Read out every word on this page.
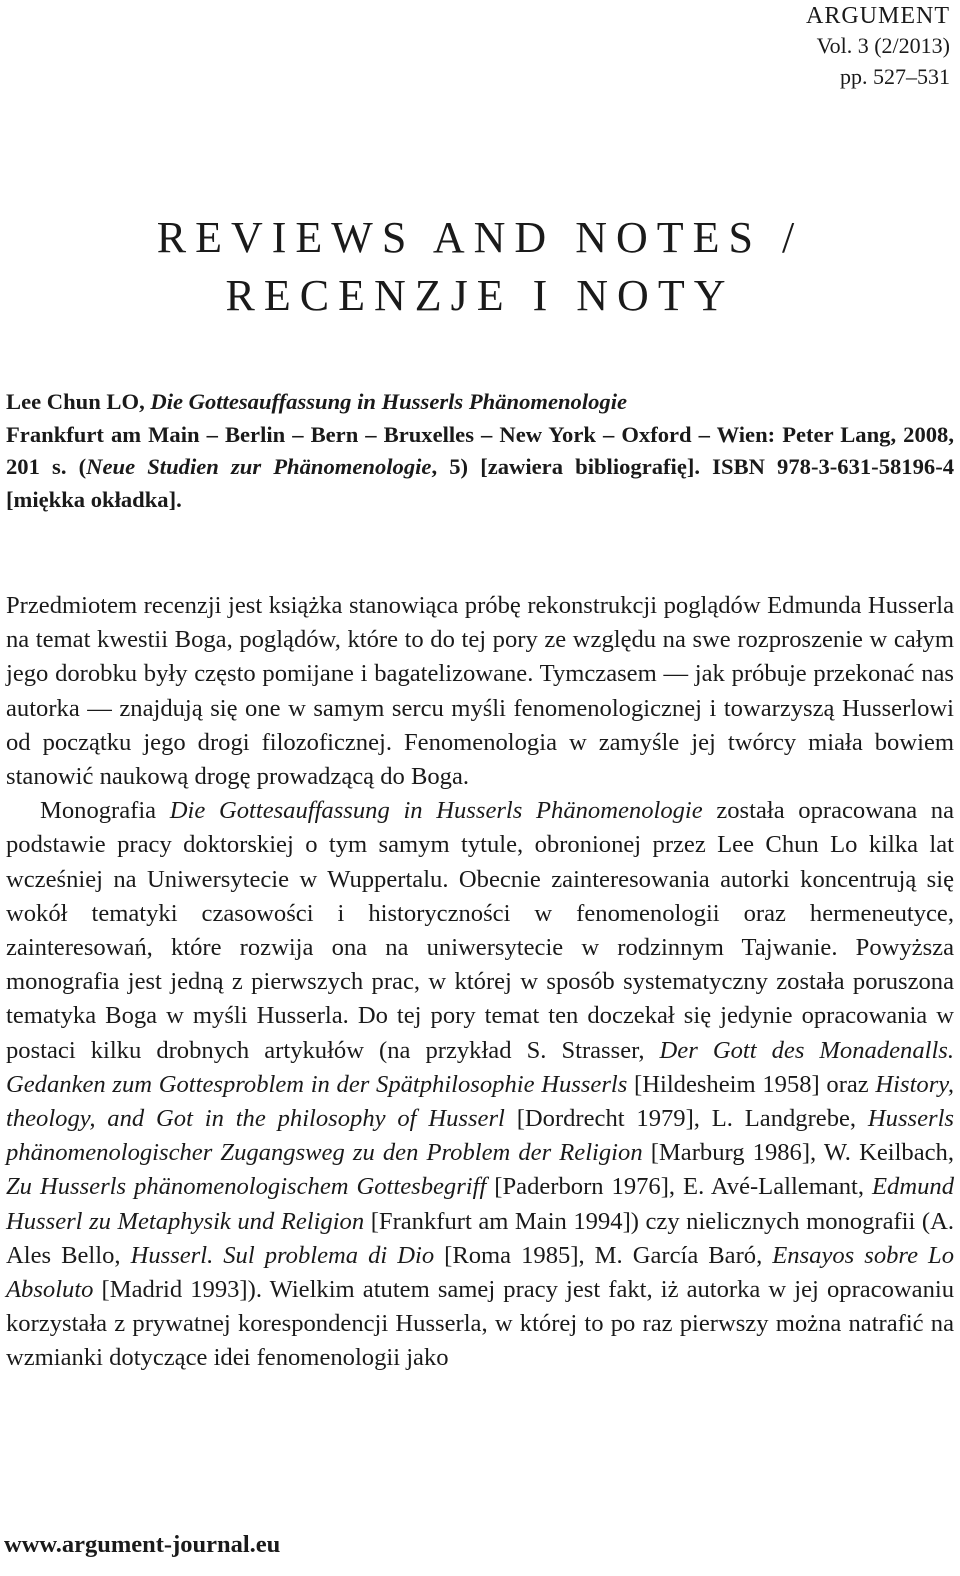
ARGUMENT
Vol. 3 (2/2013)
pp. 527–531
REVIEWS AND NOTES /
RECENZJE I NOTY
Lee Chun LO, Die Gottesauffassung in Husserls Phänomenologie
Frankfurt am Main – Berlin – Bern – Bruxelles – New York – Oxford – Wien: Peter Lang, 2008, 201 s. (Neue Studien zur Phänomenologie, 5) [zawiera bibliografię]. ISBN 978-3-631-58196-4 [miękka okładka].

Przedmiotem recenzji jest książka stanowiąca próbę rekonstrukcji poglądów Edmunda Husserla na temat kwestii Boga, poglądów, które to do tej pory ze względu na swe rozproszenie w całym jego dorobku były często pomijane i bagatelizowane. Tymczasem — jak próbuje przekonać nas autorka — znajdują się one w samym sercu myśli fenomenologicznej i towarzyszą Husserlowi od początku jego drogi filozoficznej. Fenomenologia w zamyśle jej twórcy miała bowiem stanowić naukową drogę prowadzącą do Boga.

Monografia Die Gottesauffassung in Husserls Phänomenologie została opracowana na podstawie pracy doktorskiej o tym samym tytule, obronionej przez Lee Chun Lo kilka lat wcześniej na Uniwersytecie w Wuppertalu. Obecnie zainteresowania autorki koncentrują się wokół tematyki czasowości i historyczności w fenomenologii oraz hermeneutyce, zainteresowań, które rozwija ona na uniwersytecie w rodzinnym Tajwanie. Powyższa monografia jest jedną z pierwszych prac, w której w sposób systematyczny została poruszona tematyka Boga w myśli Husserla. Do tej pory temat ten doczekał się jedynie opracowania w postaci kilku drobnych artykułów (na przykład S. Strasser, Der Gott des Monadenalls. Gedanken zum Gottesproblem in der Spätphilosophie Husserls [Hildesheim 1958] oraz History, theology, and Got in the philosophy of Husserl [Dordrecht 1979], L. Landgrebe, Husserls phänomenologischer Zugangsweg zu den Problem der Religion [Marburg 1986], W. Keilbach, Zu Husserls phänomenologischem Gottesbegriff [Paderborn 1976], E. Avé-Lallemant, Edmund Husserl zu Metaphysik und Religion [Frankfurt am Main 1994]) czy nielicznych monografii (A. Ales Bello, Husserl. Sul problema di Dio [Roma 1985], M. García Baró, Ensayos sobre Lo Absoluto [Madrid 1993]). Wielkim atutem samej pracy jest fakt, iż autorka w jej opracowaniu korzystała z prywatnej korespondencji Husserla, w której to po raz pierwszy można natrafić na wzmianki dotyczące idei fenomenologii jako

www.argument-journal.eu
